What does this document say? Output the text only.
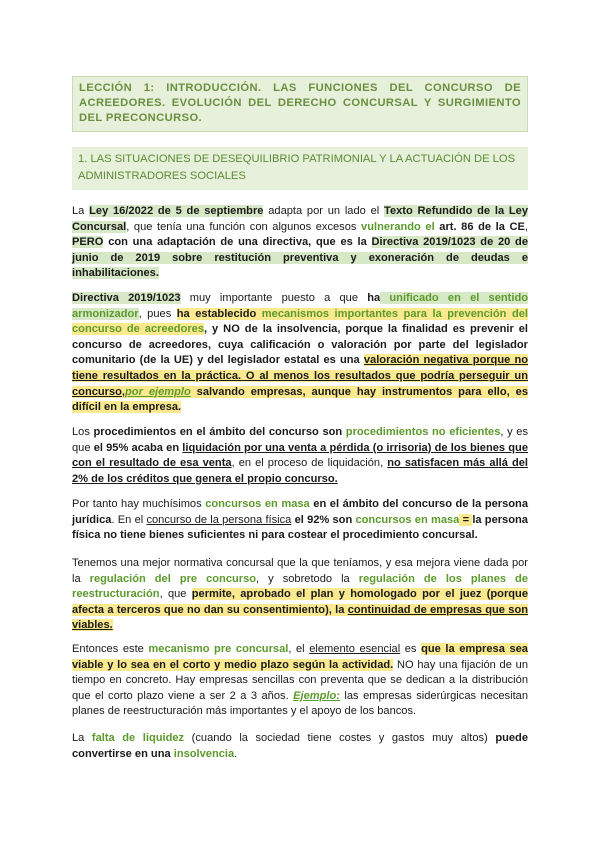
LECCIÓN 1: INTRODUCCIÓN. LAS FUNCIONES DEL CONCURSO DE ACREEDORES. EVOLUCIÓN DEL DERECHO CONCURSAL Y SURGIMIENTO DEL PRECONCURSO.

1. LAS SITUACIONES DE DESEQUILIBRIO PATRIMONIAL Y LA ACTUACIÓN DE LOS ADMINISTRADORES SOCIALES

La Ley 16/2022 de 5 de septiembre adapta por un lado el Texto Refundido de la Ley Concursal, que tenía una función con algunos excesos vulnerando el art. 86 de la CE, PERO con una adaptación de una directiva, que es la Directiva 2019/1023 de 20 de junio de 2019 sobre restitución preventiva y exoneración de deudas e inhabilitaciones.

Directiva 2019/1023 muy importante puesto a que ha unificado en el sentido armonizador, pues ha establecido mecanismos importantes para la prevención del concurso de acreedores, y NO de la insolvencia, porque la finalidad es prevenir el concurso de acreedores, cuya calificación o valoración por parte del legislador comunitario (de la UE) y del legislador estatal es una valoración negativa porque no tiene resultados en la práctica. O al menos los resultados que podría perseguir un concurso,por ejemplo salvando empresas, aunque hay instrumentos para ello, es difícil en la empresa.

Los procedimientos en el ámbito del concurso son procedimientos no eficientes, y es que el 95% acaba en liquidación por una venta a pérdida (o irrisoria) de los bienes que con el resultado de esa venta, en el proceso de liquidación, no satisfacen más allá del 2% de los créditos que genera el propio concurso.

Por tanto hay muchísimos concursos en masa en el ámbito del concurso de la persona jurídica. En el concurso de la persona física el 92% son concursos en masa = la persona física no tiene bienes suficientes ni para costear el procedimiento concursal.

Tenemos una mejor normativa concursal que la que teníamos, y esa mejora viene dada por la regulación del pre concurso, y sobretodo la regulación de los planes de reestructuración, que permite, aprobado el plan y homologado por el juez (porque afecta a terceros que no dan su consentimiento), la continuidad de empresas que son viables.

Entonces este mecanismo pre concursal, el elemento esencial es que la empresa sea viable y lo sea en el corto y medio plazo según la actividad. NO hay una fijación de un tiempo en concreto. Hay empresas sencillas con preventa que se dedican a la distribución que el corto plazo viene a ser 2 a 3 años. Ejemplo: las empresas siderúrgicas necesitan planes de reestructuración más importantes y el apoyo de los bancos.

La falta de liquidez (cuando la sociedad tiene costes y gastos muy altos) puede convertirse en una insolvencia.
